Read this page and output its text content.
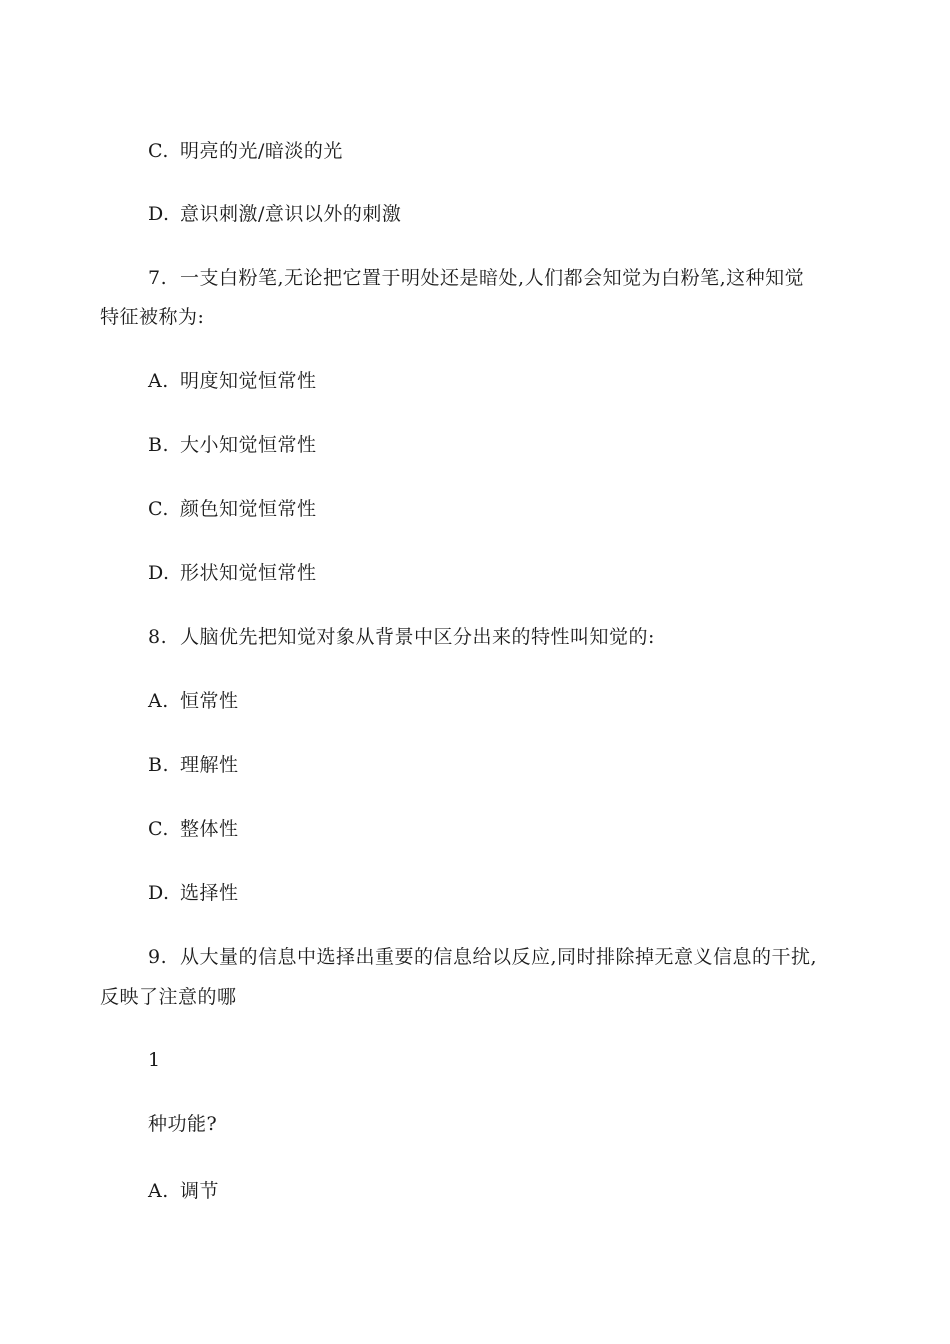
C. 明亮的光/暗淡的光
D. 意识刺激/意识以外的刺激
7. 一支白粉笔,无论把它置于明处还是暗处,人们都会知觉为白粉笔,这种知觉
特征被称为:
A. 明度知觉恒常性
B. 大小知觉恒常性
C. 颜色知觉恒常性
D. 形状知觉恒常性
8. 人脑优先把知觉对象从背景中区分出来的特性叫知觉的:
A. 恒常性
B. 理解性
C. 整体性
D. 选择性
9. 从大量的信息中选择出重要的信息给以反应,同时排除掉无意义信息的干扰,
反映了注意的哪
1
种功能?
A. 调节
